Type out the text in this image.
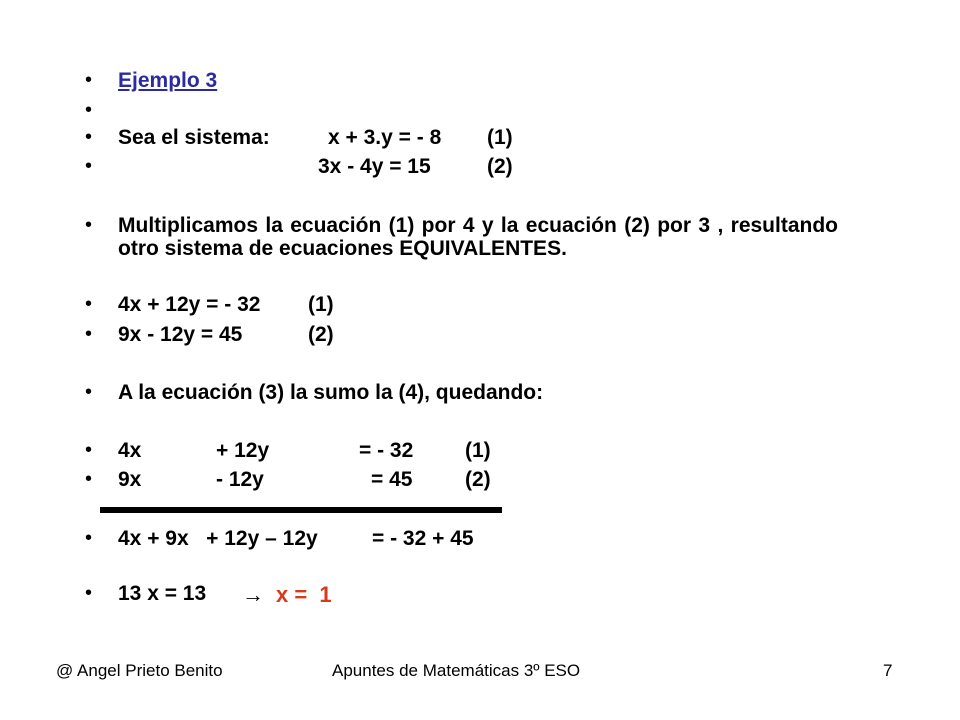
• Ejemplo 3
•
• Sea el sistema:	x + 3.y = - 8 (1)
•	3x - 4y = 15	(2)
• Multiplicamos la ecuación (1) por 4 y la ecuación (2) por 3 , resultando otro sistema de ecuaciones EQUIVALENTES.
• 4x + 12y = - 32 (1)
• 9x - 12y = 45	(2)
• A la ecuación (3) la sumo la (4), quedando:
• 4x	+ 12y	= - 32 (1)
• 9x	- 12y	= 45	(2)
• 4x + 9x   + 12y – 12y	= - 32 + 45
• 13 x = 13 → x =  1
@ Angel Prieto Benito	Apuntes de Matemáticas 3º ESO	7
